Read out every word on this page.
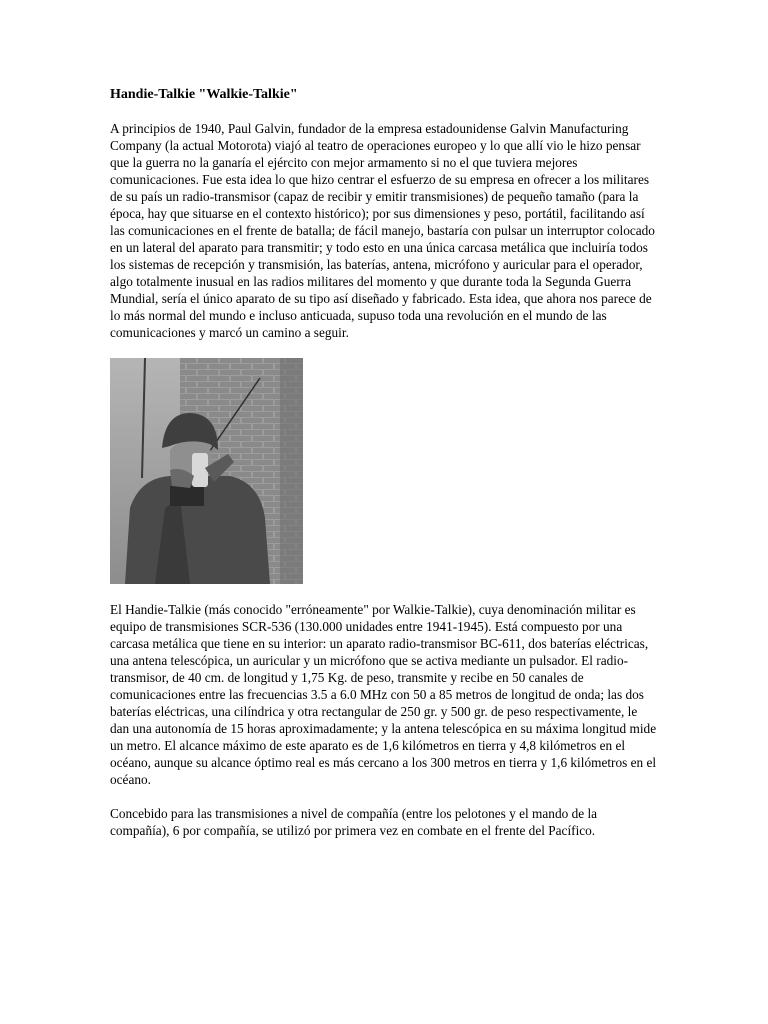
Handie-Talkie "Walkie-Talkie"

A principios de 1940, Paul Galvin, fundador de la empresa estadounidense Galvin Manufacturing Company (la actual Motorota) viajó al teatro de operaciones europeo y lo que allí vio le hizo pensar que la guerra no la ganaría el ejército con mejor armamento si no el que tuviera mejores comunicaciones. Fue esta idea lo que hizo centrar el esfuerzo de su empresa en ofrecer a los militares de su país un radio-transmisor (capaz de recibir y emitir transmisiones) de pequeño tamaño (para la época, hay que situarse en el contexto histórico); por sus dimensiones y peso, portátil, facilitando así las comunicaciones en el frente de batalla; de fácil manejo, bastaría con pulsar un interruptor colocado en un lateral del aparato para transmitir; y todo esto en una única carcasa metálica que incluiría todos los sistemas de recepción y transmisión, las baterías, antena, micrófono y auricular para el operador, algo totalmente inusual en las radios militares del momento y que durante toda la Segunda Guerra Mundial, sería el único aparato de su tipo así diseñado y fabricado. Esta idea, que ahora nos parece de lo más normal del mundo e incluso anticuada, supuso toda una revolución en el mundo de las comunicaciones y marcó un camino a seguir.

El Handie-Talkie (más conocido "erróneamente" por Walkie-Talkie), cuya denominación militar es equipo de transmisiones SCR-536 (130.000 unidades entre 1941-1945). Está compuesto por una carcasa metálica que tiene en su interior: un aparato radio-transmisor BC-611, dos baterías eléctricas, una antena telescópica, un auricular y un micrófono que se activa mediante un pulsador. El radio-transmisor, de 40 cm. de longitud y 1,75 Kg. de peso, transmite y recibe en 50 canales de comunicaciones entre las frecuencias 3.5 a 6.0 MHz con 50 a 85 metros de longitud de onda; las dos baterías eléctricas, una cilíndrica y otra rectangular de 250 gr. y 500 gr. de peso respectivamente, le dan una autonomía de 15 horas aproximadamente; y la antena telescópica en su máxima longitud mide un metro. El alcance máximo de este aparato es de 1,6 kilómetros en tierra y 4,8 kilómetros en el océano, aunque su alcance óptimo real es más cercano a los 300 metros en tierra y 1,6 kilómetros en el océano.

Concebido para las transmisiones a nivel de compañía (entre los pelotones y el mando de la compañía), 6 por compañía, se utilizó por primera vez en combate en el frente del Pacífico.
